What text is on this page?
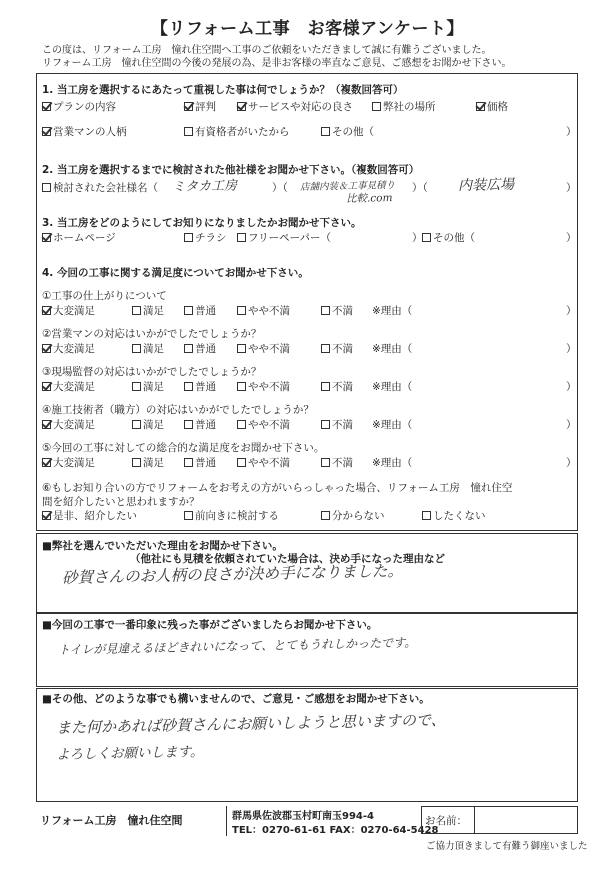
【リフォーム工事　お客様アンケート】
この度は、リフォーム工房　憧れ住空間へ工事のご依頼をいただきまして誠に有難うございました。
リフォーム工房　憧れ住空間の今後の発展の為、是非お客様の率直なご意見、ご感想をお聞かせ下さい。
1. 当工房を選択するにあたって重視した事は何でしょうか？（複数回答可）
プランの内容	評判	サービスや対応の良さ	弊社の場所	価格
営業マンの人柄	有資格者がいたから	その他（	）
2. 当工房を選択するまでに検討された他社様をお聞かせ下さい。（複数回答可）
検討された会社様名（ ミタカ工房	）（ 店舗内装＆工事見積り
比較.com
）（ 内装広場	）
3. 当工房をどのようにしてお知りになりましたかお聞かせ下さい。
ホームページ	チラシ	フリーペーパー（	）	その他（	）
4. 今回の工事に関する満足度についてお聞かせ下さい。
①工事の仕上がりについて
大変満足	満足	普通	やや不満	不満 ※理由（	）
②営業マンの対応はいかがでしたでしょうか？
大変満足	満足	普通	やや不満	不満 ※理由（	）
③現場監督の対応はいかがでしたでしょうか？
大変満足	満足	普通	やや不満	不満 ※理由（	）
④施工技術者（職方）の対応はいかがでしたでしょうか？
大変満足	満足	普通	やや不満	不満 ※理由（	）
⑤今回の工事に対しての総合的な満足度をお聞かせ下さい。
大変満足	満足	普通	やや不満	不満 ※理由（	）
⑥もしお知り合いの方でリフォームをお考えの方がいらっしゃった場合、リフォーム工房　憧れ住空
間を紹介したいと思われますか？
是非、紹介したい	前向きに検討する	分からない	したくない
■弊社を選んでいただいた理由をお聞かせ下さい。
（他社にも見積を依頼されていた場合は、決め手になった理由など
砂賀さんのお人柄の良さが決め手になりました。
■今回の工事で一番印象に残った事がございましたらお聞かせ下さい。
トイレが見違えるほどきれいになって、とてもうれしかったです。
■その他、どのような事でも構いませんので、ご意見・ご感想をお聞かせ下さい。
また何かあれば砂賀さんにお願いしようと思いますので、
よろしくお願いします。
リフォーム工房　憧れ住空間	群馬県佐波郡玉村町南玉994-4
TEL：0270-61-61 FAX：0270-64-5428
お名前：
ご協力頂きまして有難う御座いました
